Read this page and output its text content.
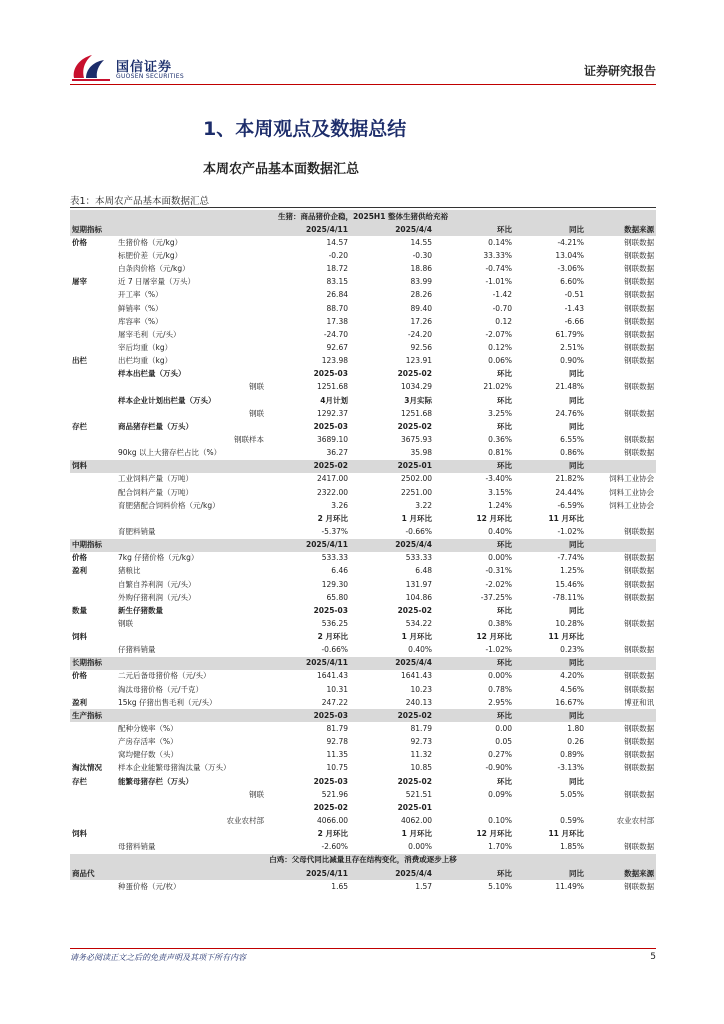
国信证券
GUOSEN SECURITIES	证券研究报告
1、本周观点及数据总结
本周农产品基本面数据汇总
表1：本周农产品基本面数据汇总
生猪：商品猪价企稳，2025H1 整体生猪供给充裕						
短期指标		2025/4/11	2025/4/4	环比	同比	数据来源
价格	生猪价格（元/kg）	14.57	14.55	0.14%	-4.21%	钢联数据
	标肥价差（元/kg）	-0.20	-0.30	33.33%	13.04%	钢联数据
	白条肉价格（元/kg）	18.72	18.86	-0.74%	-3.06%	钢联数据
屠宰	近 7 日屠宰量（万头）	83.15	83.99	-1.01%	6.60%	钢联数据
	开工率（%）	26.84	28.26	-1.42	-0.51	钢联数据
	鲜销率（%）	88.70	89.40	-0.70	-1.43	钢联数据
	库容率（%）	17.38	17.26	0.12	-6.66	钢联数据
	屠宰毛利（元/头）	-24.70	-24.20	-2.07%	61.79%	钢联数据
	宰后均重（kg）	92.67	92.56	0.12%	2.51%	钢联数据
出栏	出栏均重（kg）	123.98	123.91	0.06%	0.90%	钢联数据
	样本出栏量（万头）	2025-03	2025-02	环比	同比	
	钢联	1251.68	1034.29	21.02%	21.48%	钢联数据
	样本企业计划出栏量（万头）	4月计划	3月实际	环比	同比	
	钢联	1292.37	1251.68	3.25%	24.76%	钢联数据
存栏	商品猪存栏量（万头）	2025-03	2025-02	环比	同比	
	钢联样本	3689.10	3675.93	0.36%	6.55%	钢联数据
	90kg 以上大猪存栏占比（%）	36.27	35.98	0.81%	0.86%	钢联数据
饲料		2025-02	2025-01	环比	同比	
	工业饲料产量（万吨）	2417.00	2502.00	-3.40%	21.82%	饲料工业协会
	配合饲料产量（万吨）	2322.00	2251.00	3.15%	24.44%	饲料工业协会
	育肥猪配合饲料价格（元/kg）	3.26	3.22	1.24%	-6.59%	饲料工业协会
		2 月环比	1 月环比	12 月环比	11 月环比	
	育肥料销量	-5.37%	-0.66%	0.40%	-1.02%	钢联数据
中期指标		2025/4/11	2025/4/4	环比	同比	
价格	7kg 仔猪价格（元/kg）	533.33	533.33	0.00%	-7.74%	钢联数据
盈利	猪粮比	6.46	6.48	-0.31%	1.25%	钢联数据
	自繁自养利润（元/头）	129.30	131.97	-2.02%	15.46%	钢联数据
	外购仔猪利润（元/头）	65.80	104.86	-37.25%	-78.11%	钢联数据
数量	新生仔猪数量	2025-03	2025-02	环比	同比	
	钢联	536.25	534.22	0.38%	10.28%	钢联数据
饲料		2 月环比	1 月环比	12 月环比	11 月环比	
	仔猪料销量	-0.66%	0.40%	-1.02%	0.23%	钢联数据
长期指标		2025/4/11	2025/4/4	环比	同比	
价格	二元后备母猪价格（元/头）	1641.43	1641.43	0.00%	4.20%	钢联数据
	淘汰母猪价格（元/千克）	10.31	10.23	0.78%	4.56%	钢联数据
盈利	15kg 仔猪出售毛利（元/头）	247.22	240.13	2.95%	16.67%	博亚和讯
生产指标		2025-03	2025-02	环比	同比	
	配种分娩率（%）	81.79	81.79	0.00	1.80	钢联数据
	产房存活率（%）	92.78	92.73	0.05	0.26	钢联数据
	窝均健仔数（头）	11.35	11.32	0.27%	0.89%	钢联数据
淘汰情况	样本企业能繁母猪淘汰量（万头）	10.75	10.85	-0.90%	-3.13%	钢联数据
存栏	能繁母猪存栏（万头）	2025-03	2025-02	环比	同比	
	钢联	521.96	521.51	0.09%	5.05%	钢联数据
		2025-02	2025-01			
	农业农村部	4066.00	4062.00	0.10%	0.59%	农业农村部
饲料		2 月环比	1 月环比	12 月环比	11 月环比	
	母猪料销量	-2.60%	0.00%	1.70%	1.85%	钢联数据
白鸡：父母代同比减量且存在结构变化，消费或逐步上移						
商品代		2025/4/11	2025/4/4	环比	同比	数据来源
	种蛋价格（元/枚）	1.65	1.57	5.10%	11.49%	钢联数据
请务必阅读正文之后的免责声明及其项下所有内容	5
